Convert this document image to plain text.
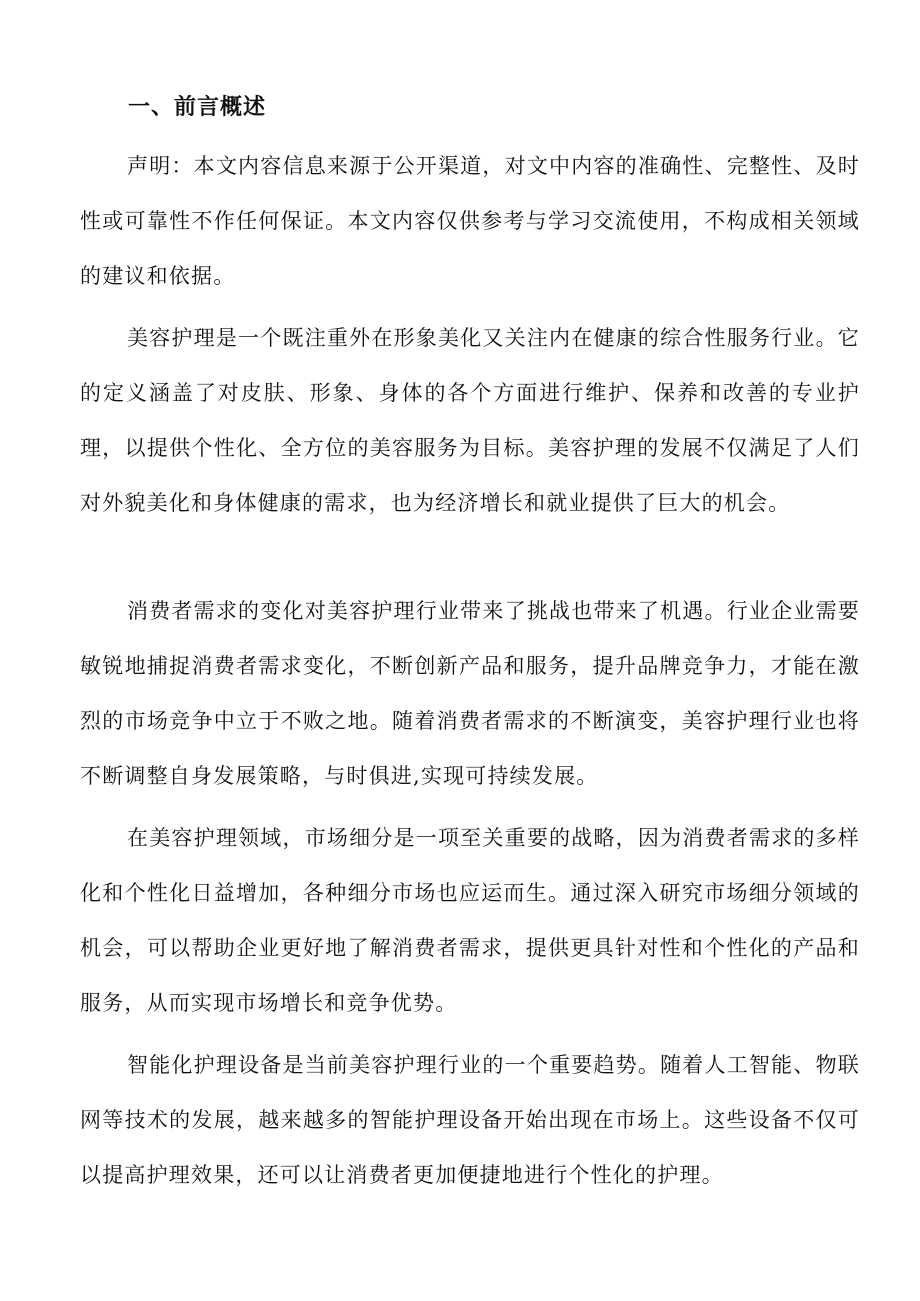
一、前言概述

声明：本文内容信息来源于公开渠道，对文中内容的准确性、完整性、及时性或可靠性不作任何保证。本文内容仅供参考与学习交流使用，不构成相关领域的建议和依据。

美容护理是一个既注重外在形象美化又关注内在健康的综合性服务行业。它的定义涵盖了对皮肤、形象、身体的各个方面进行维护、保养和改善的专业护理，以提供个性化、全方位的美容服务为目标。美容护理的发展不仅满足了人们对外貌美化和身体健康的需求，也为经济增长和就业提供了巨大的机会。

消费者需求的变化对美容护理行业带来了挑战也带来了机遇。行业企业需要敏锐地捕捉消费者需求变化，不断创新产品和服务，提升品牌竞争力，才能在激烈的市场竞争中立于不败之地。随着消费者需求的不断演变，美容护理行业也将不断调整自身发展策略，与时俱进,实现可持续发展。

在美容护理领域，市场细分是一项至关重要的战略，因为消费者需求的多样化和个性化日益增加，各种细分市场也应运而生。通过深入研究市场细分领域的机会，可以帮助企业更好地了解消费者需求，提供更具针对性和个性化的产品和服务，从而实现市场增长和竞争优势。

智能化护理设备是当前美容护理行业的一个重要趋势。随着人工智能、物联网等技术的发展，越来越多的智能护理设备开始出现在市场上。这些设备不仅可以提高护理效果，还可以让消费者更加便捷地进行个性化的护理。
